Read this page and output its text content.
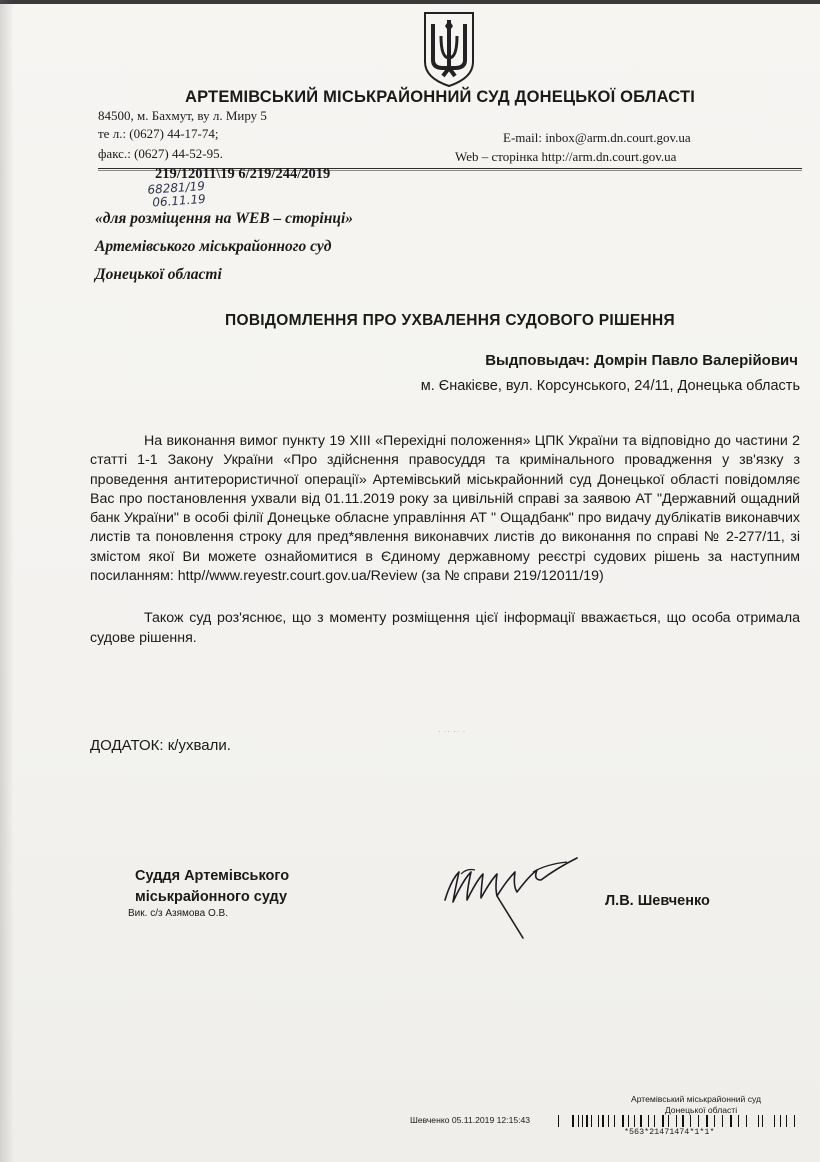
АРТЕМІВСЬКИЙ МІСЬКРАЙОННИЙ СУД ДОНЕЦЬКОЇ ОБЛАСТІ
84500, м. Бахмут, ву л. Миру 5
те л.: (0627) 44-17-74;
факс.: (0627) 44-52-95.
E-mail: inbox@arm.dn.court.gov.ua
Web – сторінка http://arm.dn.court.gov.ua
219/12011\19 6/219/244/2019
68281/19
06.11.19
«для розміщення на WEB – сторінці»
Артемівського міськрайонного суд
Донецької області
ПОВІДОМЛЕННЯ ПРО УХВАЛЕННЯ СУДОВОГО РІШЕННЯ
Выдповыдач: Домрін Павло Валерійович
м. Єнакієве, вул. Корсунського, 24/11, Донецька область

На виконання вимог пункту 19 ХІІІ «Перехідні положення» ЦПК України та відповідно до частини 2 статті 1-1 Закону України «Про здійснення правосуддя та кримінального провадження у зв'язку з проведення антитерористичної операції» Артемівський міськрайонний суд Донецької області повідомляє Вас про постановлення ухвали від 01.11.2019 року за цивільній справі за заявою АТ "Державний ощадний банк України" в особі філії Донецьке обласне управління АТ " Ощадбанк" про видачу дублікатів виконавчих листів та поновлення строку для пред*явлення виконавчих листів до виконання по справі № 2-277/11, зі змістом якої Ви можете ознайомитися в Єдиному державному реєстрі судових рішень за наступним посиланням: http//www.reyestr.court.gov.ua/Review (за № справи 219/12011/19)

Також суд роз'яснює, що з моменту розміщення цієї інформації вважається, що особа отримала судове рішення.

· ·· ·· ·
ДОДАТОК: к/ухвали.
Суддя Артемівського
міськрайонного суду
Вик. с/з Азямова О.В.
Л.В. Шевченко
Артемівський міськрайонний суд
Донецької області
Шевченко 05.11.2019 12:15:43
*563*21471474*1*1*
